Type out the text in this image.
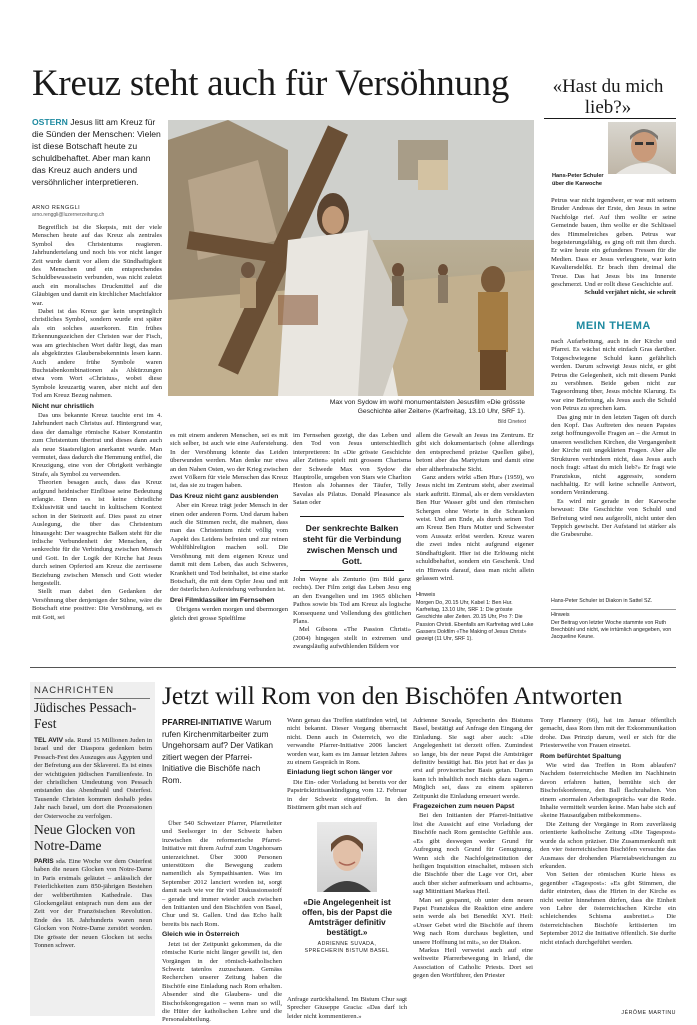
Kreuz steht auch für Versöhnung «Hast du mich lieb?»
OSTERN Jesus litt am Kreuz für die Sünden der Menschen: Vielen ist diese Botschaft heute zu schuldbehaftet. Aber man kann das Kreuz auch anders und versöhnlicher interpretieren.
ARNO RENGGLI
arno.renggli@luzernerzeitung.ch

Begreiflich ist die Skepsis, mit der viele Menschen heute auf das Kreuz als zentrales Symbol des Christentums reagieren. Jahrhundertelang und noch bis vor nicht langer Zeit wurde damit vor allem die Sündhaftigkeit des Menschen und ein entsprechendes Schuldbewusstsein verbunden, was nicht zuletzt auch ein moralisches Druckmittel auf die Gläubigen und damit ein kirchlicher Machtfaktor war.

Dabei ist das Kreuz gar kein ursprünglich christliches Symbol, sondern wurde erst später als ein solches auserkoren. Ein frühes Erkennungszeichen der Christen war der Fisch, was am griechischen Wort dafür liegt, das man als abgekürztes Glaubensbekenntnis lesen kann. Auch andere frühe Symbole waren Buchstabenkombinationen als Abkürzungen etwa vom Wort «Christus», wobei diese Symbole kreuzartig waren, aber nicht auf den Tod am Kreuz Bezug nahmen.

Nicht nur christlich

Das uns bekannte Kreuz tauchte erst im 4. Jahrhundert nach Christus auf. Hintergrund war, dass der damalige römische Kaiser Konstantin zum Christentum übertrat und dieses dann auch als neue Staatsreligion anerkannt wurde. Man vermutet, dass dadurch die Hemmung entfiel, die Kreuzigung, eine von der Obrigkeit verhängte Strafe, als Symbol zu verwenden.

Theorien besagen auch, dass das Kreuz aufgrund heidnischer Einflüsse seine Bedeutung erlangte. Denn es ist keine christliche Exklusivität und taucht in kultischem Kontext schon in der Steinzeit auf. Dies passt zu einer Auslegung, die über das Christentum hinausgeht: Der waagrechte Balken steht für die irdische Verbundenheit der Menschen, der senkrechte für die Verbindung zwischen Mensch und Gott. In der Logik der Kirche hat Jesus durch seinen Opfertod am Kreuz die zerrissene Beziehung zwischen Mensch und Gott wieder hergestellt.

Stellt man dabei den Gedanken der Versöhnung über denjenigen der Sühne, wäre die Botschaft eine positive: Die Versöhnung, sei es mit Gott, sei

Max von Sydow im wohl monumentalsten Jesusfilm «Die grösste Geschichte aller Zeiten» (Karfreitag, 13.10 Uhr, SRF 1).
Bild Cinetext

es mit einem anderen Menschen, sei es mit sich selber, ist auch wie eine Auferstehung. In der Versöhnung könnte das Leiden überwunden werden. Man denke nur etwa an den Nahen Osten, wo der Krieg zwischen zwei Völkern für viele Menschen das Kreuz ist, das sie zu tragen haben.

Das Kreuz nicht ganz ausblenden

Aber ein Kreuz trägt jeder Mensch in der einen oder anderen Form. Und darum haben auch die Stimmen recht, die mahnen, dass man das Christentum nicht völlig vom Aspekt des Leidens befreien und zur reinen Wohlfühlreligion machen soll. Die Versöhnung mit dem eigenen Kreuz und damit mit dem Leben, das auch Schweres, Krankheit und Tod beinhaltet, ist eine starke Botschaft, die mit dem Opfer Jesu und mit der österlichen Auferstehung verbunden ist.

Drei Filmklassiker im Fernsehen

Übrigens werden morgen und übermorgen gleich drei grosse Spielfilme

im Fernsehen gezeigt, die das Leben und den Tod von Jesus unterschiedlich interpretieren: In «Die grösste Geschichte aller Zeiten» spielt mit grossem Charisma der Schwede Max von Sydow die Hauptrolle, umgeben von Stars wie Charlton Heston als Johannes der Täufer, Telly Savalas als Pilatus. Donald Pleasance als Satan oder

Der senkrechte Balken steht für die Verbindung zwischen Mensch und Gott.

John Wayne als Zenturio (im Bild ganz rechts). Der Film zeigt das Leben Jesu eng an den Evangelien und im 1965 üblichen Pathos sowie bis Tod am Kreuz als logische Konsequenz und Vollendung des göttlichen Plans.

Mel Gibsons «The Passion Christi» (2004) hingegen stellt in extremen und zwangsläufig aufwühlenden Bildern vor

allem die Gewalt an Jesus ins Zentrum. Er gibt sich dokumentarisch (ohne allerdings den entsprechend präzise Quellen gäbe), betont aber das Martyrium und damit eine eher altherbraische Sicht.

Ganz anders wirkt «Ben Hur» (1959), wo Jesus nicht im Zentrum steht, aber zweimal stark auftritt. Einmal, als er dem versklavten Ben Hur Wasser gibt und den römischen Schergen ohne Worte in die Schranken weist. Und am Ende, als durch seinen Tod am Kreuz Ben Hurs Mutter und Schwester vom Aussatz erlöst werden. Kreuz waren die zwei indes nicht aufgrund eigener Sündhaftigkeit. Hier ist die Erlösung nicht schuldbehaftet, sondern ein Geschenk. Und ein Hinweis darauf, dass man nicht allein gelassen wird.

Hinweis
Morgen Do, 20.15 Uhr, Kabel 1: Ben Hur. Karfreitag, 13.10 Uhr, SRF 1: Die grösste Geschichte aller Zeiten. 20.15 Uhr, Pro 7: Die Passion Christi. Ebenfalls am Karfreitag wird Luke Gassers Dokfilm «The Making of Jesus Christ» gezeigt (11 Uhr, SRF 1).
Hans-Peter Schuler über die Karwoche

Petrus war nicht irgendwer, er war mit seinem Bruder Andreas der Erste, den Jesus in seine Nachfolge rief. Auf ihm wollte er seine Gemeinde bauen, ihm wollte er die Schlüssel des Himmelreiches geben. Petrus war begeisterungsfähig, es ging oft mit ihm durch. Er wäre heute ein gefundenes Fressen für die Medien. Dass er Jesus verleugnete, war kein Kavaliersdelikt. Er brach ihm dreimal die Treue. Das hat Jesus bis ins Innerste geschmerzt. Und er rollt diese Geschichte auf.

Schuld verjährt nicht, sie schreit

MEIN THEMA

nach Aufarbeitung, auch in der Kirche und Pfarrei. Es wächst nicht einfach Gras darüber. Totgeschwiegene Schuld kann gefährlich werden. Darum schweigt Jesus nicht, er gibt Petrus die Gelegenheit, sich mit diesem Punkt zu versöhnen. Beide geben nicht zur Tagesordnung über, Jesus möchte Klarung. Es war eine Befreiung, als Jesus auch die Schuld von Petrus zu sprechen kam.

Das ging mir in den letzten Tagen oft durch den Kopf. Das Auftreten des neuen Papstes zeigt hoffnungsvolle Fragen an – die Armut in unseren westlichen Kirchen, die Vergangenheit der Kirche mit ungeklärten Fragen. Aber alle Strukturen verhindern nicht, dass Jesus auch noch fragt: «Hast du mich lieb?» Er fragt wie Franziskus, nicht aggressiv, sondern nachhaltig. Er will keine schnelle Antwort, sondern Veränderung.

Es wird mir gerade in der Karwoche bewusst: Die Geschichte von Schuld und Befreiung wird neu aufgerollt, nicht unter den Teppich gewischt. Der Aufstand ist stärker als die Grabesruhe.

Hans-Peter Schuler ist Diakon in Sattel SZ.
Hinweis
Der Beitrag von letzter Woche stammte von Ruth Brechbühl und nicht, wie irrtümlich angegeben, von Jacqueline Keune.
NACHRICHTEN
Jüdisches Pessach-Fest

TEL AVIV sda. Rund 15 Millionen Juden in Israel und der Diaspora gedenken beim Pessach-Fest des Auszuges aus Ägypten und der Befreiung aus der Sklaverei. Es ist eines der wichtigsten jüdischen Familienfeste. In der christlichen Umdeutung von Pessach entstanden das Abendmahl und Osterfest. Tausende Christen kommen deshalb jedes Jahr nach Israel, um dort die Prozessionen der Osterwoche zu verfolgen.

Neue Glocken von Notre-Dame

PARIS sda. Eine Woche vor dem Osterfest haben die neuen Glocken von Notre-Dame in Paris erstmals geläutet – anlässlich der Feierlichkeiten zum 850-jährigen Bestehen der weltberühmten Kathedrale. Das Glockengeläut entsprach nun dem aus der Zeit vor der Französischen Revolution. Ende des 18. Jahrhunderts waren neun Glocken von Notre-Dame zerstört worden. Die grösste der neuen Glocken ist sechs Tonnen schwer.

Jetzt will Rom von den Bischöfen Antworten
PFARREI-INITIATIVE Warum rufen Kirchenmitarbeiter zum Ungehorsam auf? Der Vatikan zitiert wegen der Pfarrei-Initiative die Bischöfe nach Rom.

Über 540 Schweizer Pfarrer, Pfarreileiter und Seelsorger in der Schweiz haben inzwischen die reformerische Pfarrei-Initiative mit ihrem Aufruf zum Ungehorsam unterzeichnet. Über 3000 Personen unterstützen die Bewegung zudem namentlich als Sympathisanten. Was im September 2012 lanciert worden ist, sorgt damit nach wie vor für viel Diskussionsstoff – gerade und immer wieder auch zwischen den Initianten und den Bischöfen von Basel, Chur und St. Gallen. Und das Echo hallt bereits bis nach Rom.

Gleich wie in Österreich

Jetzt ist der Zeitpunkt gekommen, da die römische Kurie nicht länger gewillt ist, den Vorgängen in der römisch-katholischen Schweiz tatenlos zuzuschauen. Gemäss Recherchen unserer Zeitung haben die Bischöfe eine Einladung nach Rom erhalten. Absender sind die Glaubens- und die Bischofskongregation – wenn man so will, die Hüter der katholischen Lehre und die Personalabteilung.

Wann genau das Treffen stattfinden wird, ist nicht bekannt. Dieser Vorgang überrascht nicht. Denn auch in Österreich, wo die verwandte Pfarrer-Initiative 2006 lanciert worden war, kam es im Januar letzten Jahres zu einem Gespräch in Rom.

Einladung liegt schon länger vor

Die Ein- oder Vorladung ist bereits vor der Papstrücktrittsankündigung vom 12. Februar in der Schweiz eingetroffen. In den Bistümern gibt man sich auf

«Die Angelegenheit ist offen, bis der Papst die Amtsträger definitiv bestätigt.»
ADRIENNE SUVADA,
SPRECHERIN BISTUM BASEL

Anfrage zurückhaltend. Im Bistum Chur sagt Sprecher Giuseppe Gracia: «Das darf ich leider nicht kommentieren.»

Adrienne Suvada, Sprecherin des Bistums Basel, bestätigt auf Anfrage den Eingang der Einladung. Sie sagt aber auch: «Die Angelegenheit ist derzeit offen. Zumindest so lange, bis der neue Papst die Amtsträger definitiv bestätigt hat. Bis jetzt hat er das ja erst auf provisorischer Basis getan. Darum kann ich inhaltlich noch nichts dazu sagen.» Möglich sei, dass zu einem späteren Zeitpunkt die Einladung erneuert werde.

Fragezeichen zum neuen Papst

Bei den Initianten der Pfarrei-Initiative löst die Aussicht auf eine Vorladung der Bischöfe nach Rom gemischte Gefühle aus. «Es gibt deswegen weder Grund für Aufregung noch Grund für Genugtuung. Wenn sich die Nachfolgeinstitution der heiligen Inquisition einschaltet, müssen sich die Bischöfe über die Lage vor Ort, aber auch über sicher aufmerksam und achtsam», sagt Mitinitiant Markus Heil.

Man sei gespannt, ob unter dem neuen Papst Franziskus die Reaktion eine andere sein werde als bei Benedikt XVI. Heil: «Unser Gebet wird die Bischöfe auf ihrem Weg nach Rom durchaus begleiten, und unsere Hoffnung ist mit», so der Diakon.

Markus Heil verweist auch auf eine weltweite Pfarrerbewegung in Irland, die Association of Catholic Priests. Dort sei gegen den Wortführer, den Priester

Tony Flannery (66), hat im Januar öffentlich gemacht, dass Rom ihm mit der Exkommunikation drohe. Das Prinzip darum, weil er sich für die Priesterweihe von Frauen einsetzt.

Rom befürchtet Spaltung

Wie wird das Treffen in Rom ablaufen? Nachdem österreichische Medien im Nachhinein davon erfahren hatten, bemühte sich der Bischofskonferenz, den Ball flachzuhalten. Von einem «normalen Arbeitsgespräch» war die Rede. Inhalte vermittelt wurden keine. Man habe sich auf «keine Hausaufgaben mitbekommen».

Die Zeitung der Vorgänge in Rom zuverlässig orientierte katholische Zeitung «Die Tagespost» wurde da schon präziser. Die Zusammenkunft mit den vier österreichischen Bischöfen versuchte das Ausmass der drohenden Pfarreiabweichungen zu erkunden.

Von Seiten der römischen Kurie hiess es gegenüber «Tagespost»: «Es gibt Stimmen, die dafür eintreten, dass die Hirten in der Kirche es nicht weiter hinnehmen dürfen, dass die Einheit von Lehre der österreichischen Kirche ein schleichendes Schisma ausbreitet.» Die österreichischen Bischöfe kritisierten im September 2012 die Initiative öffentlich. Sie durfte nicht einfach durchgeführt werden.

JÉRÔME MARTINU
